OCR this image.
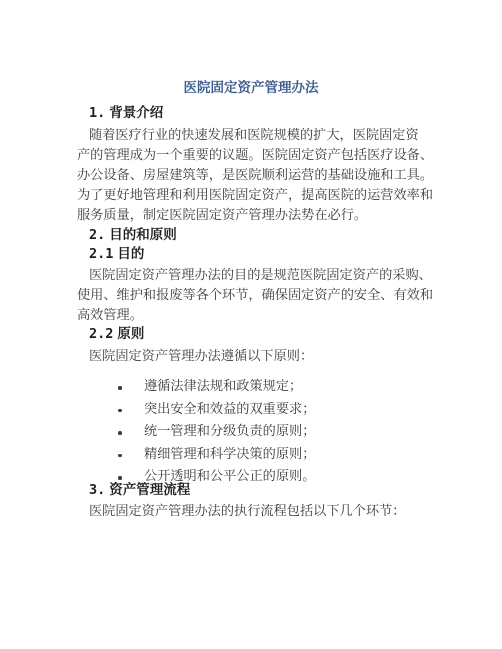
医院固定资产管理办法
1. 背景介绍
随着医疗行业的快速发展和医院规模的扩大，医院固定资
产的管理成为一个重要的议题。医院固定资产包括医疗设备、
办公设备、房屋建筑等，是医院顺利运营的基础设施和工具。
为了更好地管理和利用医院固定资产，提高医院的运营效率和
服务质量，制定医院固定资产管理办法势在必行。
2. 目的和原则
2.1 目的
医院固定资产管理办法的目的是规范医院固定资产的采购、
使用、维护和报废等各个环节，确保固定资产的安全、有效和
高效管理。
2.2 原则
医院固定资产管理办法遵循以下原则：
遵循法律法规和政策规定；
突出安全和效益的双重要求；
统一管理和分级负责的原则；
精细管理和科学决策的原则；
公开透明和公平公正的原则。
3. 资产管理流程
医院固定资产管理办法的执行流程包括以下几个环节：
